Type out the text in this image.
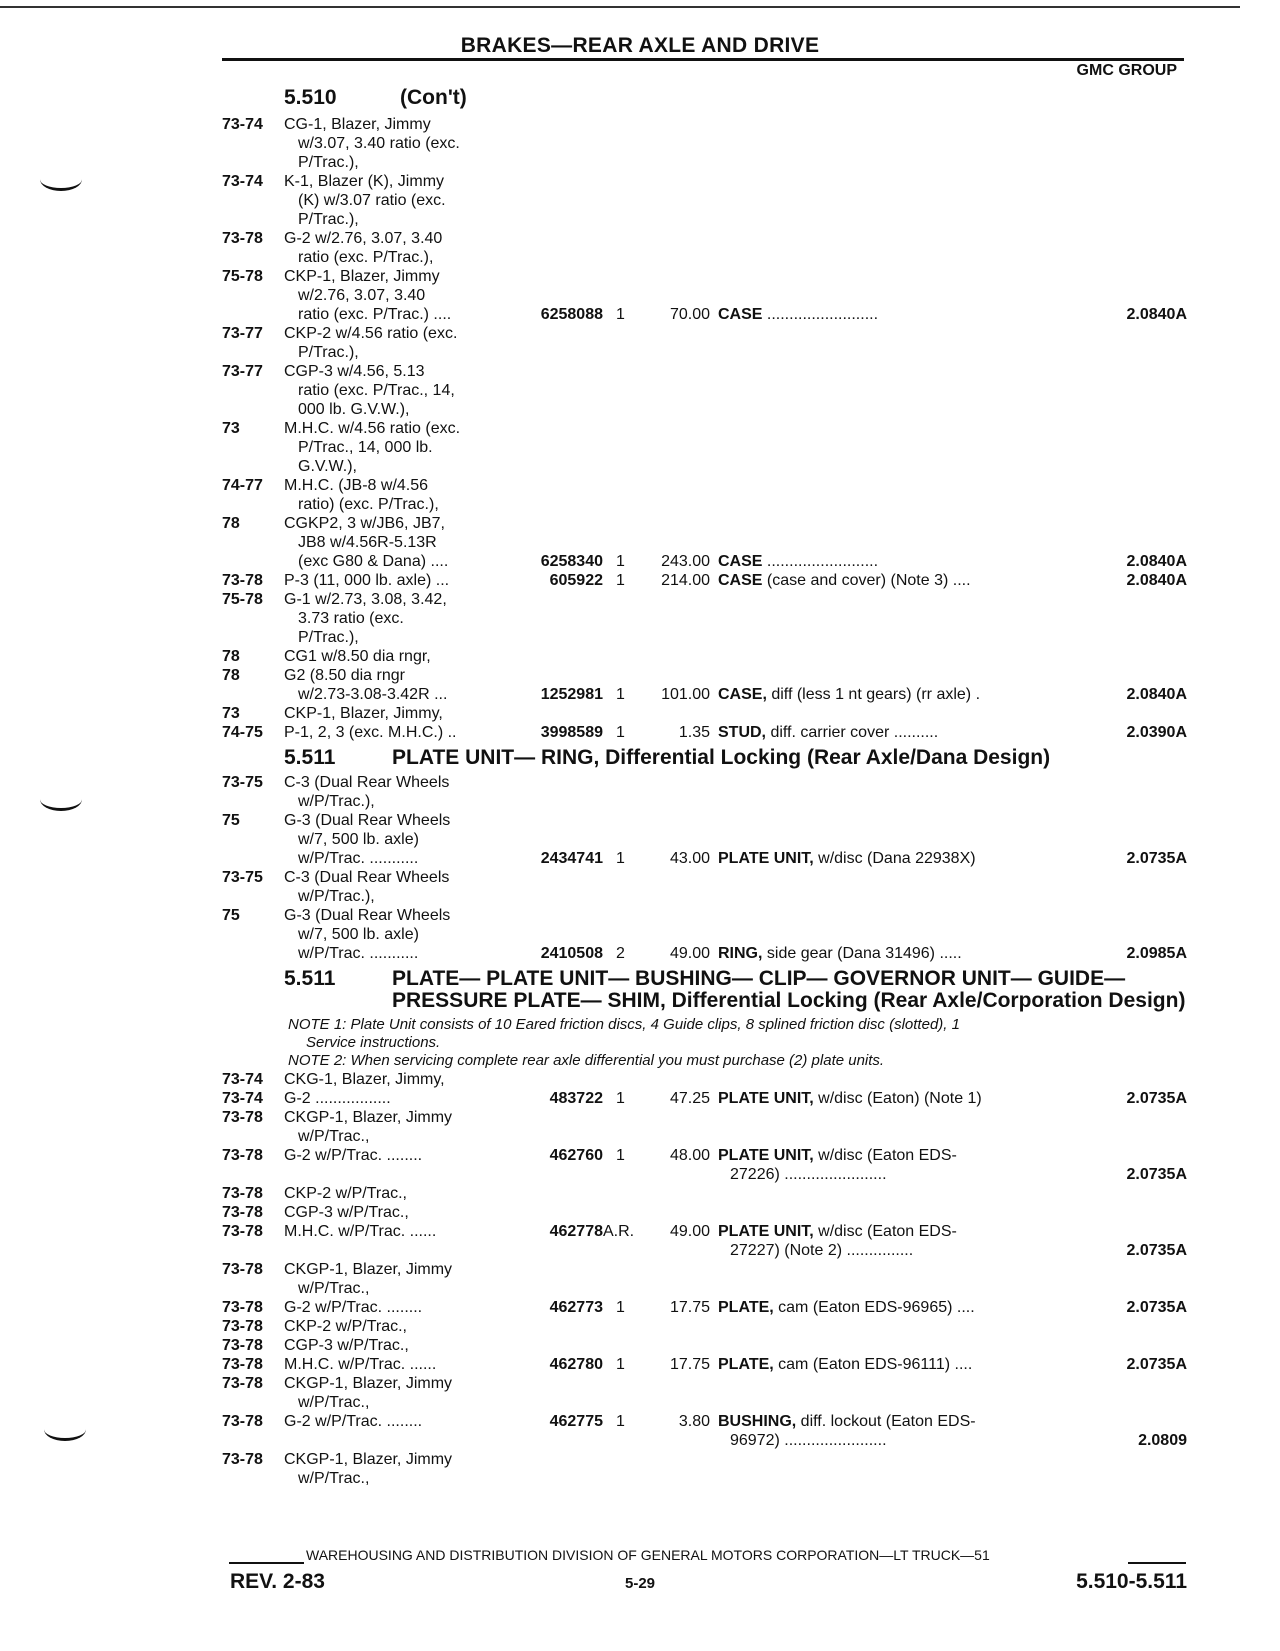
BRAKES—REAR AXLE AND DRIVE
GMC GROUP
5.510	(Con't)
73-74	CG-1, Blazer, Jimmy
w/3.07, 3.40 ratio (exc.
P/Trac.),
73-74	K-1, Blazer (K), Jimmy
(K) w/3.07 ratio (exc.
P/Trac.),
73-78	G-2 w/2.76, 3.07, 3.40
ratio (exc. P/Trac.),
75-78	CKP-1, Blazer, Jimmy
w/2.76, 3.07, 3.40
ratio (exc. P/Trac.) ....	6258088 1	70.00 CASE .........................	2.0840A
73-77	CKP-2 w/4.56 ratio (exc.
P/Trac.),
73-77	CGP-3 w/4.56, 5.13
ratio (exc. P/Trac., 14,
000 lb. G.V.W.),
73	M.H.C. w/4.56 ratio (exc.
P/Trac., 14, 000 lb.
G.V.W.),
74-77	M.H.C. (JB-8 w/4.56
ratio) (exc. P/Trac.),
78	CGKP2, 3 w/JB6, JB7,
JB8 w/4.56R-5.13R
(exc G80 & Dana) ....	6258340 1	243.00 CASE .........................	2.0840A
73-78	P-3 (11, 000 lb. axle) ...	605922 1	214.00 CASE (case and cover) (Note 3) ....	2.0840A
75-78	G-1 w/2.73, 3.08, 3.42,
3.73 ratio (exc.
P/Trac.),
78	CG1 w/8.50 dia rngr,
78	G2 (8.50 dia rngr
w/2.73-3.08-3.42R ...	1252981 1	101.00 CASE, diff (less 1 nt gears) (rr axle) .	2.0840A
73	CKP-1, Blazer, Jimmy,
74-75	P-1, 2, 3 (exc. M.H.C.) ..	3998589 1	1.35 STUD, diff. carrier cover ..........	2.0390A
5.511	PLATE UNIT— RING, Differential Locking (Rear Axle/Dana Design)
73-75	C-3 (Dual Rear Wheels
w/P/Trac.),
75	G-3 (Dual Rear Wheels
w/7, 500 lb. axle)
w/P/Trac. ...........	2434741 1	43.00 PLATE UNIT, w/disc (Dana 22938X)	2.0735A
73-75	C-3 (Dual Rear Wheels
w/P/Trac.),
75	G-3 (Dual Rear Wheels
w/7, 500 lb. axle)
w/P/Trac. ...........	2410508 2	49.00 RING, side gear (Dana 31496) .....	2.0985A
5.511	PLATE— PLATE UNIT— BUSHING— CLIP— GOVERNOR UNIT— GUIDE— PRESSURE PLATE— SHIM, Differential Locking (Rear Axle/Corporation Design)
NOTE 1: Plate Unit consists of 10 Eared friction discs, 4 Guide clips, 8 splined friction disc (slotted), 1
Service instructions.
NOTE 2: When servicing complete rear axle differential you must purchase (2) plate units.
73-74	CKG-1, Blazer, Jimmy,
73-74	G-2 .................	483722 1	47.25 PLATE UNIT, w/disc (Eaton) (Note 1)	2.0735A
73-78	CKGP-1, Blazer, Jimmy
w/P/Trac.,
73-78	G-2 w/P/Trac. ........	462760 1	48.00 PLATE UNIT, w/disc (Eaton EDS-
27226) .......................	2.0735A
73-78	CKP-2 w/P/Trac.,
73-78	CGP-3 w/P/Trac.,
73-78	M.H.C. w/P/Trac. ......	462778 A.R.	49.00 PLATE UNIT, w/disc (Eaton EDS-
27227) (Note 2) ...............	2.0735A
73-78	CKGP-1, Blazer, Jimmy
w/P/Trac.,
73-78	G-2 w/P/Trac. ........	462773 1	17.75 PLATE, cam (Eaton EDS-96965) ....	2.0735A
73-78	CKP-2 w/P/Trac.,
73-78	CGP-3 w/P/Trac.,
73-78	M.H.C. w/P/Trac. ......	462780 1	17.75 PLATE, cam (Eaton EDS-96111) ....	2.0735A
73-78	CKGP-1, Blazer, Jimmy
w/P/Trac.,
73-78	G-2 w/P/Trac. ........	462775 1	3.80 BUSHING, diff. lockout (Eaton EDS-
96972) .......................	2.0809
73-78	CKGP-1, Blazer, Jimmy
w/P/Trac.,
WAREHOUSING AND DISTRIBUTION DIVISION OF GENERAL MOTORS CORPORATION—LT TRUCK—51
REV. 2-83	5-29	5.510-5.511
